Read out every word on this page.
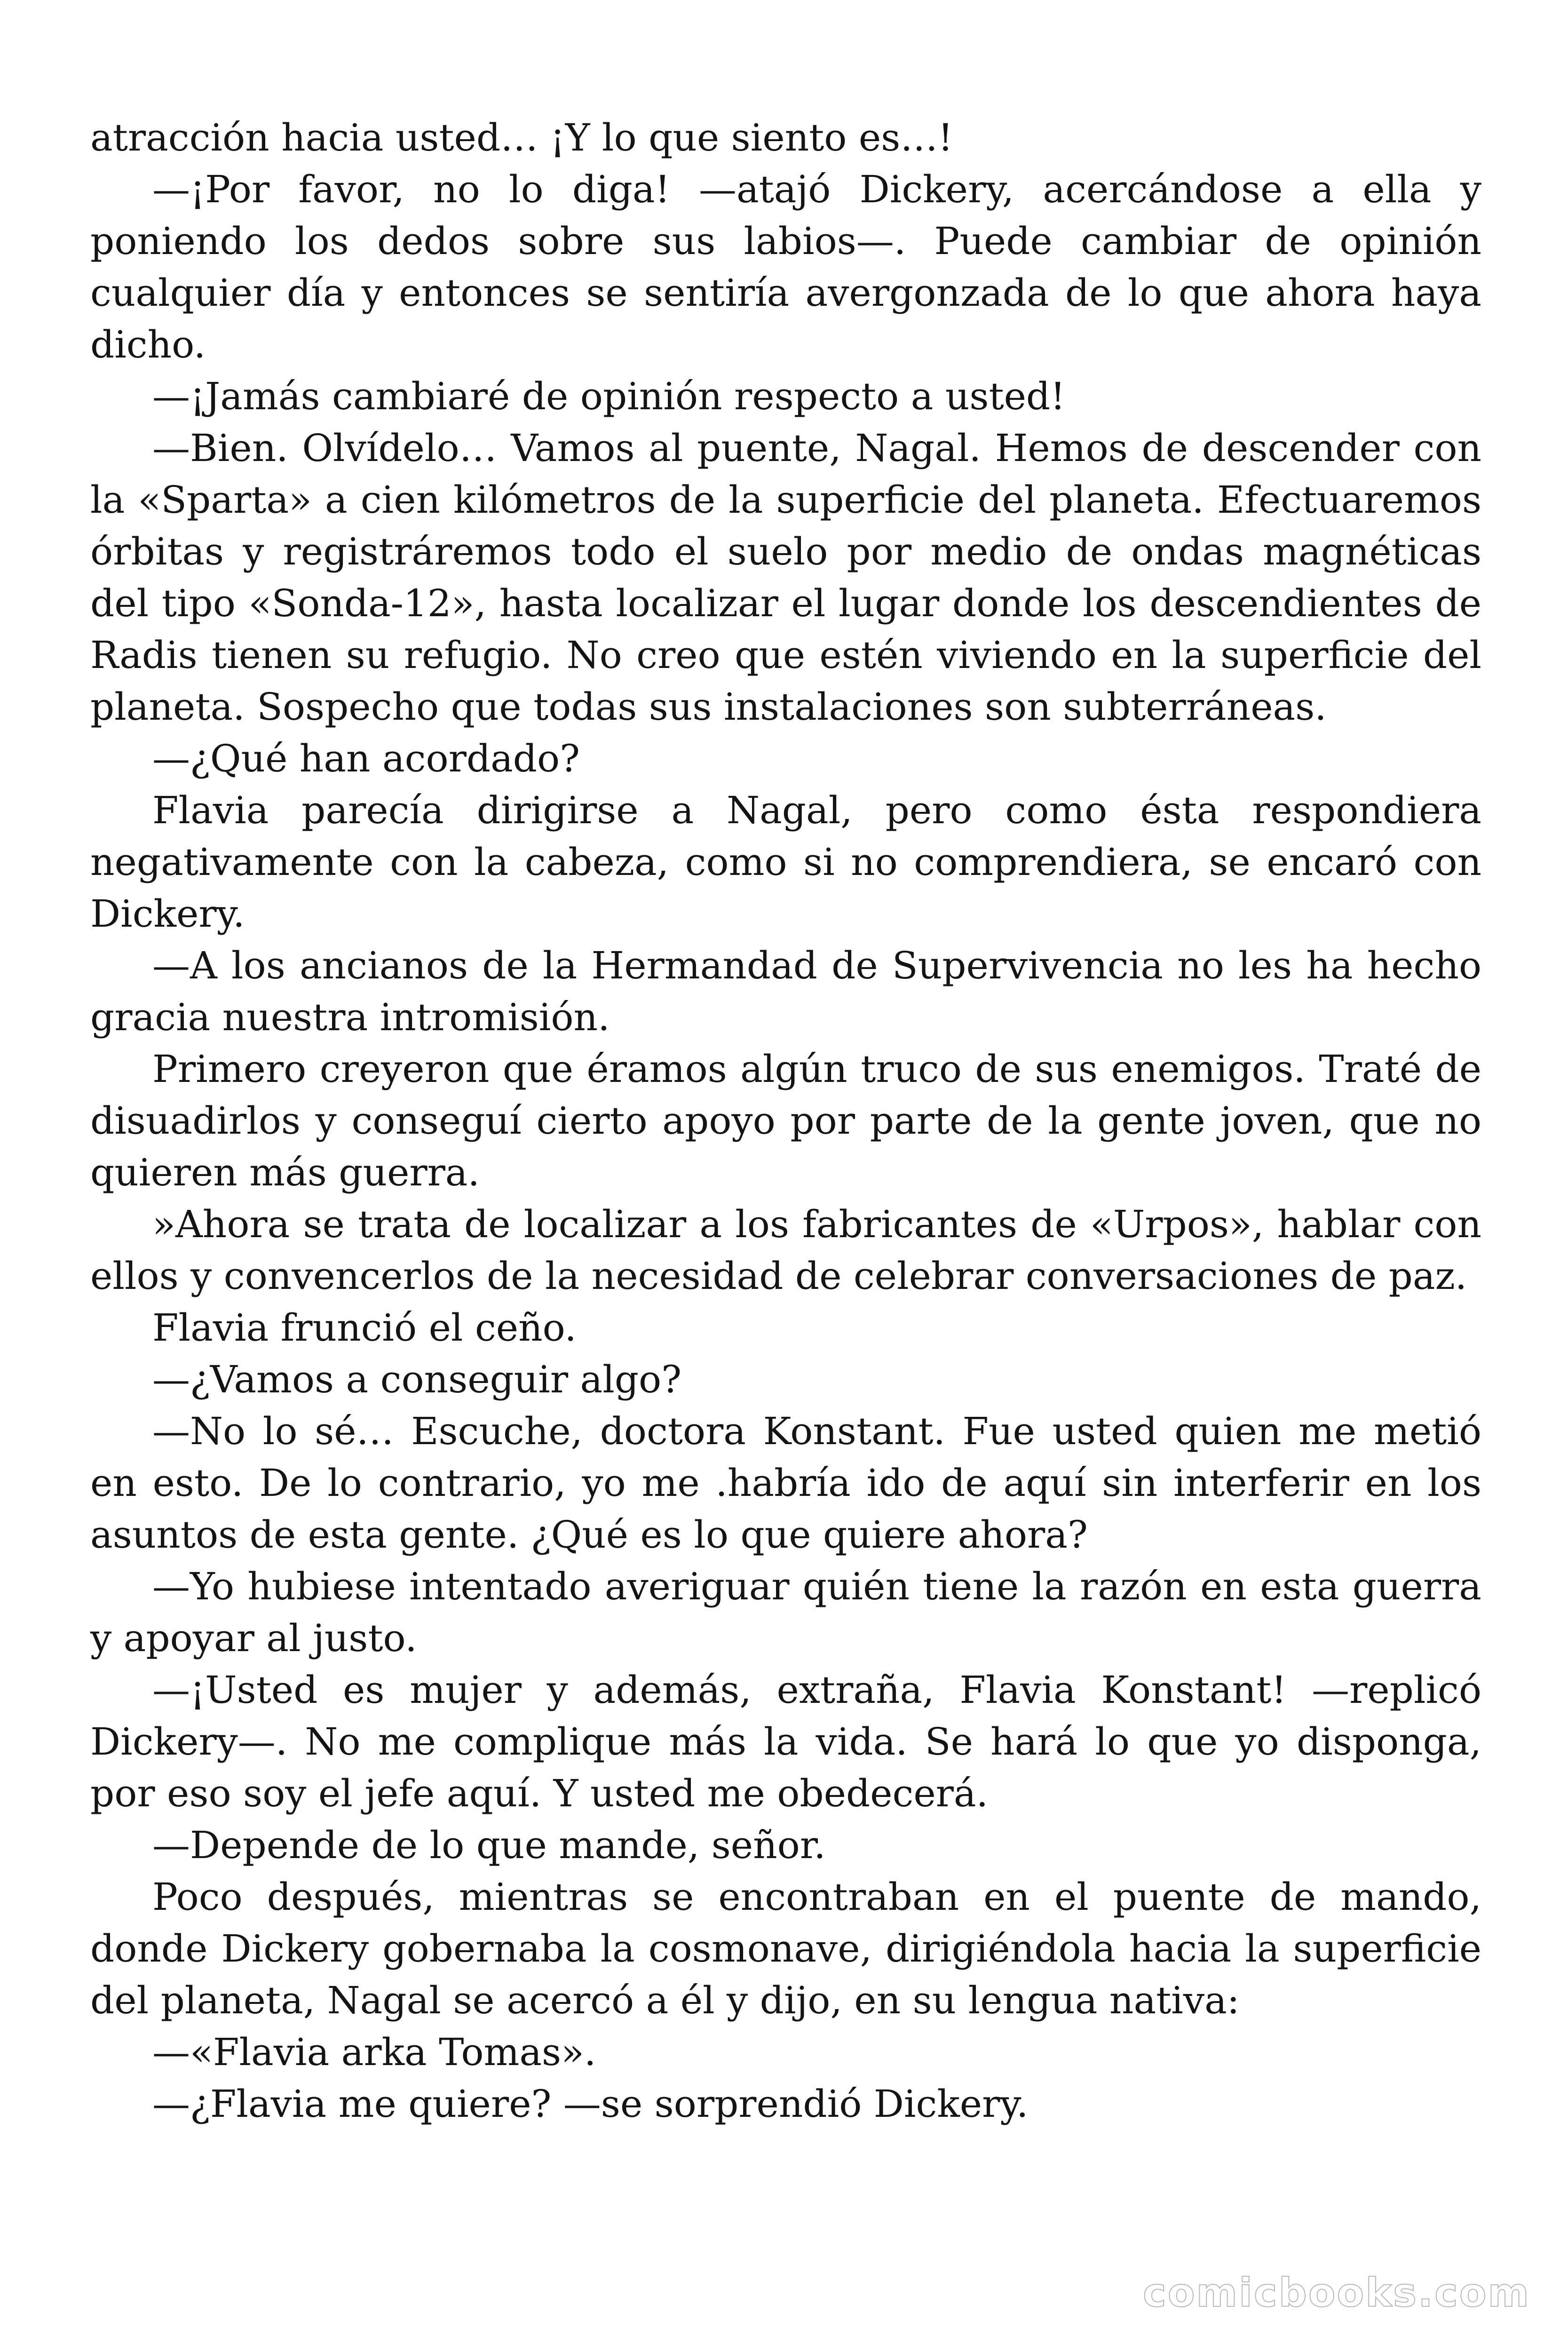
atracción hacia usted… ¡Y lo que siento es…!

—¡Por favor, no lo diga! —atajó Dickery, acercándose a ella y poniendo los dedos sobre sus labios—. Puede cambiar de opinión cualquier día y entonces se sentiría avergonzada de lo que ahora haya dicho.

—¡Jamás cambiaré de opinión respecto a usted!

—Bien. Olvídelo… Vamos al puente, Nagal. Hemos de descender con la «Sparta» a cien kilómetros de la superficie del planeta. Efectuaremos órbitas y registráremos todo el suelo por medio de ondas magnéticas del tipo «Sonda-12», hasta localizar el lugar donde los descendientes de Radis tienen su refugio. No creo que estén viviendo en la superficie del planeta. Sospecho que todas sus instalaciones son subterráneas.

—¿Qué han acordado?

Flavia parecía dirigirse a Nagal, pero como ésta respondiera negativamente con la cabeza, como si no comprendiera, se encaró con Dickery.

—A los ancianos de la Hermandad de Supervivencia no les ha hecho gracia nuestra intromisión.

Primero creyeron que éramos algún truco de sus enemigos. Traté de disuadirlos y conseguí cierto apoyo por parte de la gente joven, que no quieren más guerra.

»Ahora se trata de localizar a los fabricantes de «Urpos», hablar con ellos y convencerlos de la necesidad de celebrar conversaciones de paz.

Flavia frunció el ceño.

—¿Vamos a conseguir algo?

—No lo sé… Escuche, doctora Konstant. Fue usted quien me metió en esto. De lo contrario, yo me .habría ido de aquí sin interferir en los asuntos de esta gente. ¿Qué es lo que quiere ahora?

—Yo hubiese intentado averiguar quién tiene la razón en esta guerra y apoyar al justo.

—¡Usted es mujer y además, extraña, Flavia Konstant! —replicó Dickery—. No me complique más la vida. Se hará lo que yo disponga, por eso soy el jefe aquí. Y usted me obedecerá.

—Depende de lo que mande, señor.

Poco después, mientras se encontraban en el puente de mando, donde Dickery gobernaba la cosmonave, dirigiéndola hacia la superficie del planeta, Nagal se acercó a él y dijo, en su lengua nativa:

—«Flavia arka Tomas».

—¿Flavia me quiere? —se sorprendió Dickery.

comicbooks.com
